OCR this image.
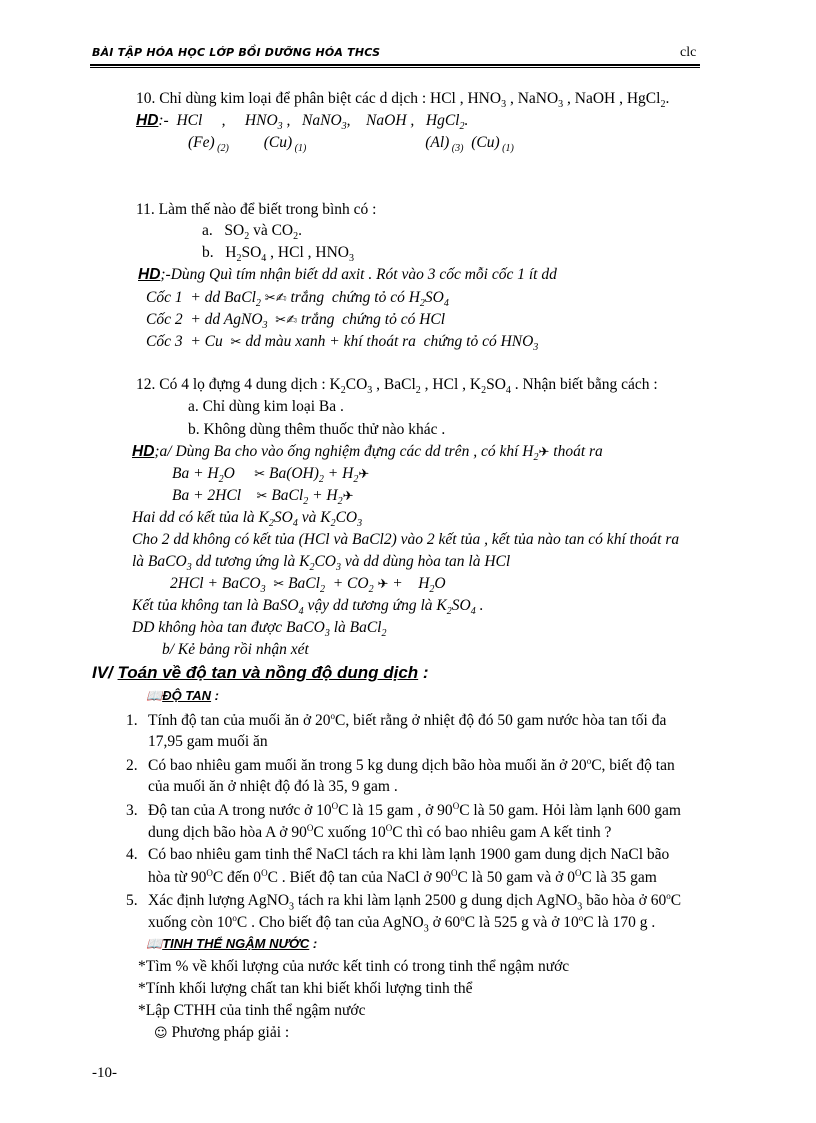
BÀI TẬP HÓA HỌC LỚP BỒI DƯỠNG HÓA THCS	clc
10. Chỉ dùng kim loại để phân biệt các d dịch : HCl , $HNO_3$ , NaNO$_3$ , NaOH , HgCl$_2$.
HD:-  HCl     ,     $HNO_3$ ,   NaNO$_3$,    NaOH ,   HgCl$_2$.
(Fe) $_{(2)}$         (Cu) $_{(1)}$	(Al) $_{(3)}$  (Cu) $_{(1)}$
11. Làm thế nào để biết trong bình có :
a.   $SO_2$ và $CO_2$.
b.   $H_2SO_4$ , HCl , $HNO_3$
HD;-Dùng Quì tím nhận biết dd axit . Rót vào 3 cốc mỗi cốc 1 ít dd
Cốc 1  + dd BaCl$_2$ ✂✍ trắng  chứng tỏ có $H_2SO_4$
Cốc 2  + dd AgNO$_3$ ✂✍ trắng  chứng tỏ có HCl
Cốc 3  + Cu  ✂ dd màu xanh + khí thoát ra  chứng tỏ có $HNO_3$
12. Có 4 lọ đựng 4 dung dịch : $K_2CO_3$ , BaCl$_2$ , HCl , $K_2SO_4$ . Nhận biết bằng cách :
a. Chỉ dùng kim loại Ba .
b. Không dùng thêm thuốc thử nào khác .
HD;a/ Dùng Ba cho vào ống nghiệm đựng các dd trên , có khí $H_2✈$ thoát ra
$Ba + H_2O$     ✂ $Ba(OH)_2$ + $H_2✈$
Ba + 2HCl    ✂ BaCl$_2$ + $H_2✈$
Hai dd có kết tủa là $K_2SO_4$ và $K_2CO_3$
Cho 2 dd không có kết tủa (HCl và BaCl2) vào 2 kết tủa , kết tủa nào tan có khí thoát ra
là BaCO$_3$ dd tương ứng là $K_2CO_3$ và dd dùng hòa tan là HCl
2HCl + BaCO$_3$ ✂ BaCl$_2$  + $CO_2$ ✈ +    $H_2O$
Kết tủa không tan là BaSO$_4$ vậy dd tương ứng là $K_2SO_4$ .
DD không hòa tan được BaCO$_3$ là BaCl$_2$
b/ Kẻ bảng rồi nhận xét
IV/ Toán về độ tan và nồng độ dung dịch :
📖ĐỘ TAN :
1. Tính độ tan của muối ăn ở 20$^o$C, biết rằng ở nhiệt độ đó 50 gam nước hòa tan tối đa
17,95 gam muối ăn
2. Có bao nhiêu gam muối ăn trong 5 kg dung dịch bão hòa muối ăn ở 20$^o$C, biết độ tan
của muối ăn ở nhiệt độ đó là 35, 9 gam .
3. Độ tan của A trong nước ở $10^OC$ là 15 gam , ở $90^OC$ là 50 gam. Hỏi làm lạnh 600 gam
dung dịch bão hòa A ở $90^OC$ xuống $10^OC$ thì có bao nhiêu gam A kết tinh ?
4. Có bao nhiêu gam tinh thể NaCl tách ra khi làm lạnh 1900 gam dung dịch NaCl bão
hòa từ $90^OC$ đến $0^OC$ . Biết độ tan của NaCl ở $90^OC$ là 50 gam và ở $0^OC$ là 35 gam
5. Xác định lượng AgNO$_3$ tách ra khi làm lạnh 2500 g dung dịch AgNO$_3$ bão hòa ở 60$^o$C
xuống còn 10$^o$C . Cho biết độ tan của AgNO$_3$ ở 60$^o$C là 525 g và ở 10$^o$C là 170 g .
📖TINH THỂ NGẬM NƯỚC :
*Tìm % về khối lượng của nước kết tinh có trong tinh thể ngậm nước
*Tính khối lượng chất tan khi biết khối lượng tinh thể
*Lập CTHH của tinh thể ngậm nước
☺ Phương pháp giải :
-10-
